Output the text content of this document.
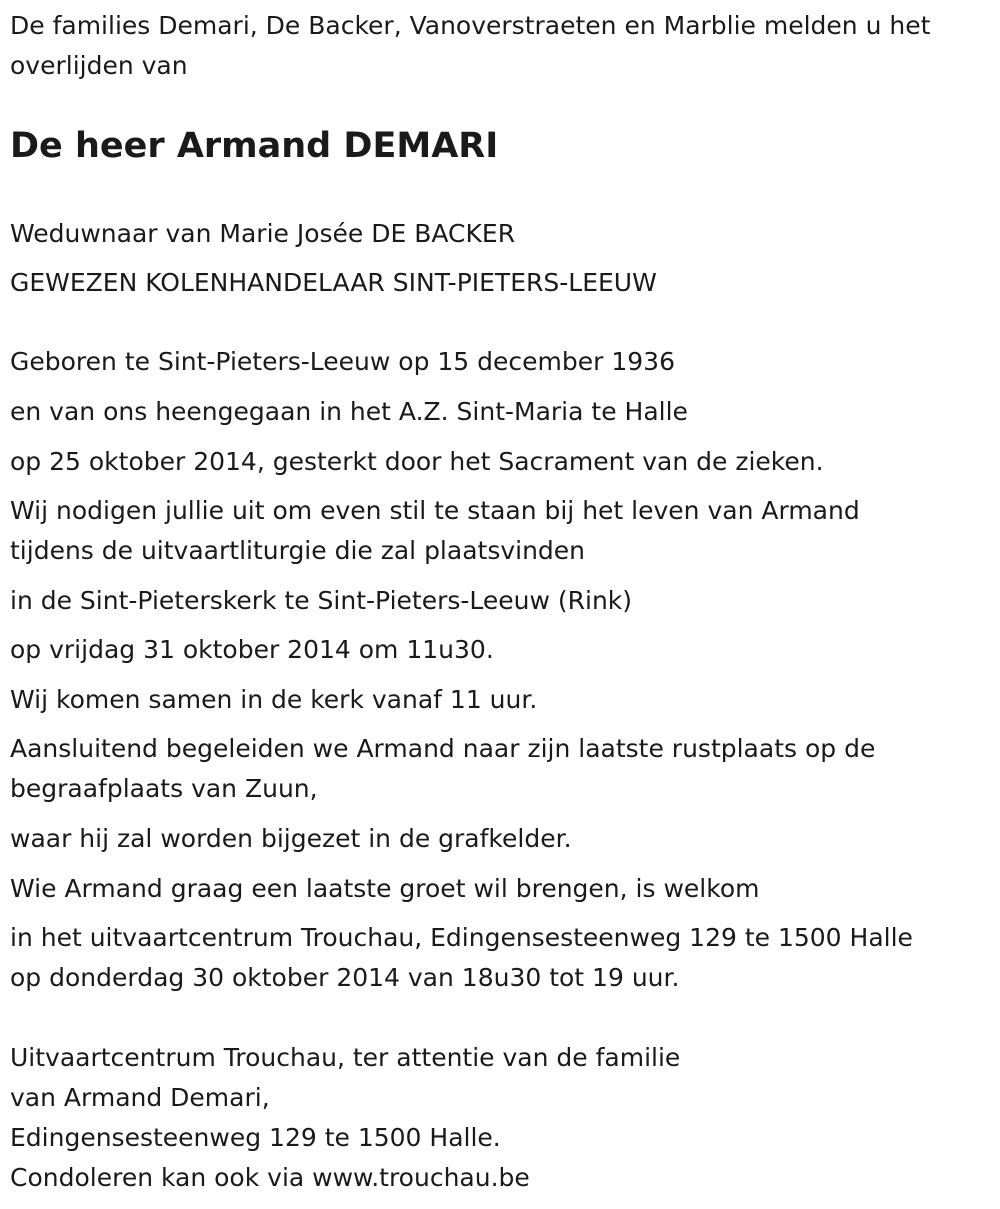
De families Demari, De Backer, Vanoverstraeten en Marblie melden u het
overlijden van

De heer Armand DEMARI

Weduwnaar van Marie Josée DE BACKER

GEWEZEN KOLENHANDELAAR SINT-PIETERS-LEEUW

Geboren te Sint-Pieters-Leeuw op 15 december 1936

en van ons heengegaan in het A.Z. Sint-Maria te Halle

op 25 oktober 2014, gesterkt door het Sacrament van de zieken.

Wij nodigen jullie uit om even stil te staan bij het leven van Armand
tijdens de uitvaartliturgie die zal plaatsvinden

in de Sint-Pieterskerk te Sint-Pieters-Leeuw (Rink)

op vrijdag 31 oktober 2014 om 11u30.

Wij komen samen in de kerk vanaf 11 uur.

Aansluitend begeleiden we Armand naar zijn laatste rustplaats op de
begraafplaats van Zuun,

waar hij zal worden bijgezet in de grafkelder.

Wie Armand graag een laatste groet wil brengen, is welkom

in het uitvaartcentrum Trouchau, Edingensesteenweg 129 te 1500 Halle
op donderdag 30 oktober 2014 van 18u30 tot 19 uur.

Uitvaartcentrum Trouchau, ter attentie van de familie
van Armand Demari,
Edingensesteenweg 129 te 1500 Halle.
Condoleren kan ook via www.trouchau.be
